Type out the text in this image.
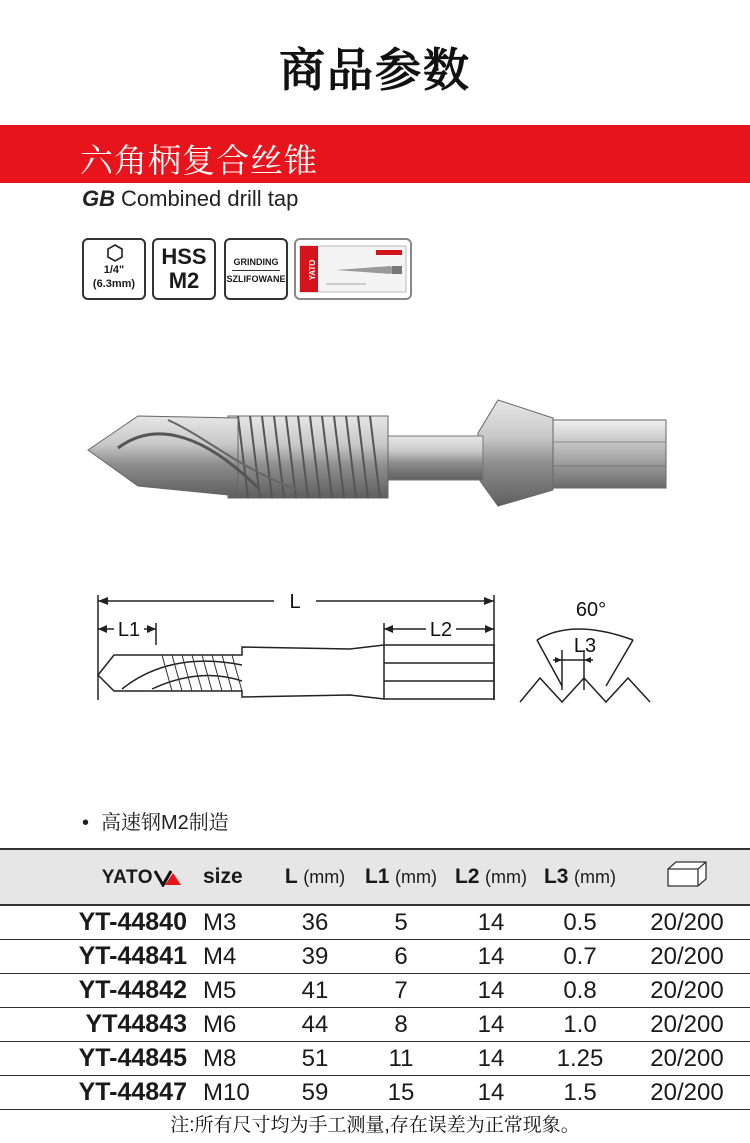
商品参数
六角柄复合丝锥
GB Combined drill tap
1/4"
(6.3mm)
HSS
M2
GRINDING
SZLIFOWANE	YATO
L
L1	L2
60°
L3
• 高速钢M2制造
YATO	size	L (mm)	L1 (mm)	L2 (mm)	L3 (mm)	
YT-44840	M3	36	5	14	0.5	20/200
YT-44841	M4	39	6	14	0.7	20/200
YT-44842	M5	41	7	14	0.8	20/200
YT44843	M6	44	8	14	1.0	20/200
YT-44845	M8	51	11	14	1.25	20/200
YT-44847	M10	59	15	14	1.5	20/200
注:所有尺寸均为手工测量,存在误差为正常现象。
